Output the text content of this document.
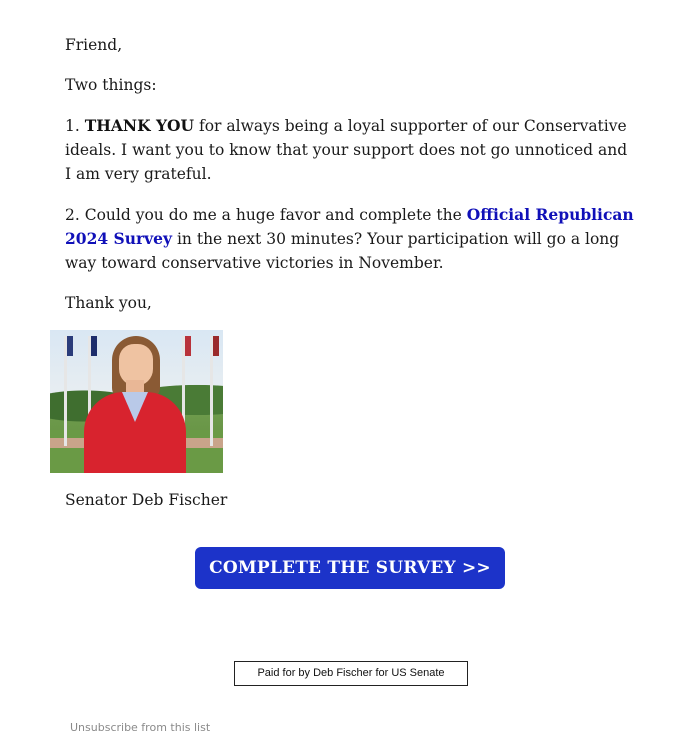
Friend,

Two things:

1. THANK YOU for always being a loyal supporter of our Conservative ideals. I want you to know that your support does not go unnoticed and I am very grateful.

2. Could you do me a huge favor and complete the Official Republican 2024 Survey in the next 30 minutes? Your participation will go a long way toward conservative victories in November.

Thank you,

Senator Deb Fischer

COMPLETE THE SURVEY >>
Paid for by Deb Fischer for US Senate
Unsubscribe from this list
